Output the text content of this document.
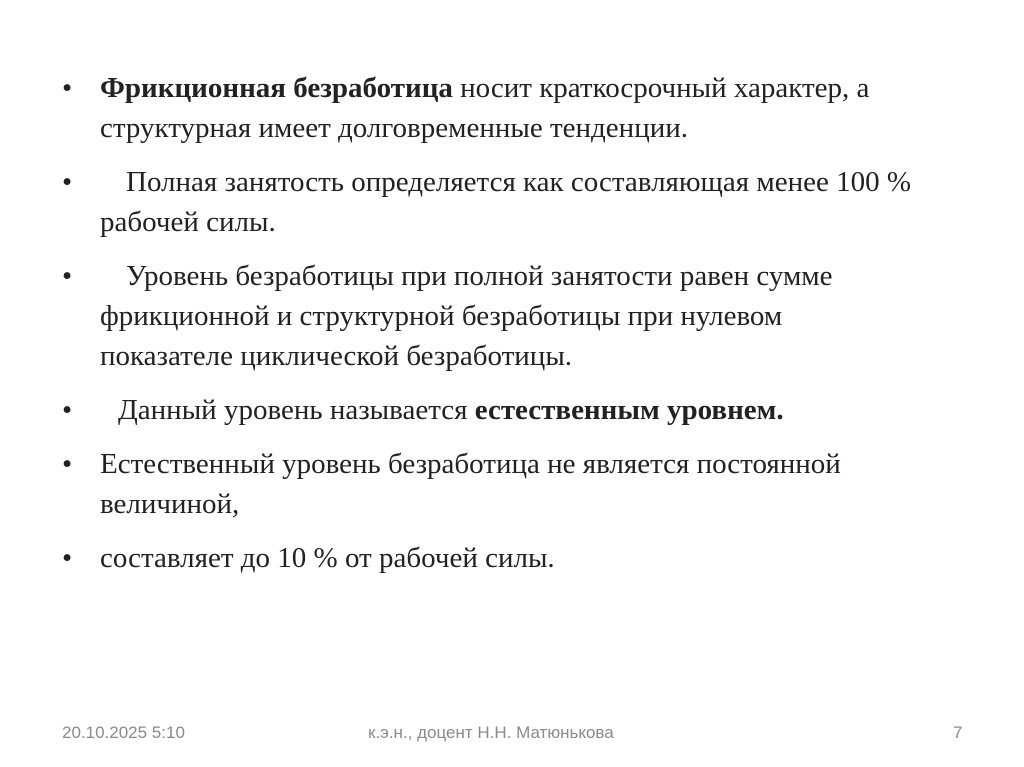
• Фрикционная безработица носит краткосрочный характер, а структурная имеет долговременные тенденции.
•	Полная занятость определяется как составляющая менее 100 % рабочей силы.
•	Уровень безработицы при полной занятости равен сумме фрикционной и структурной безработицы при нулевом показателе циклической безработицы.
•	Данный уровень называется естественным уровнем.
• Естественный уровень безработица не является постоянной величиной,
• составляет до 10 % от рабочей силы.
20.10.2025 5:10	к.э.н., доцент Н.Н. Матюнькова	7
